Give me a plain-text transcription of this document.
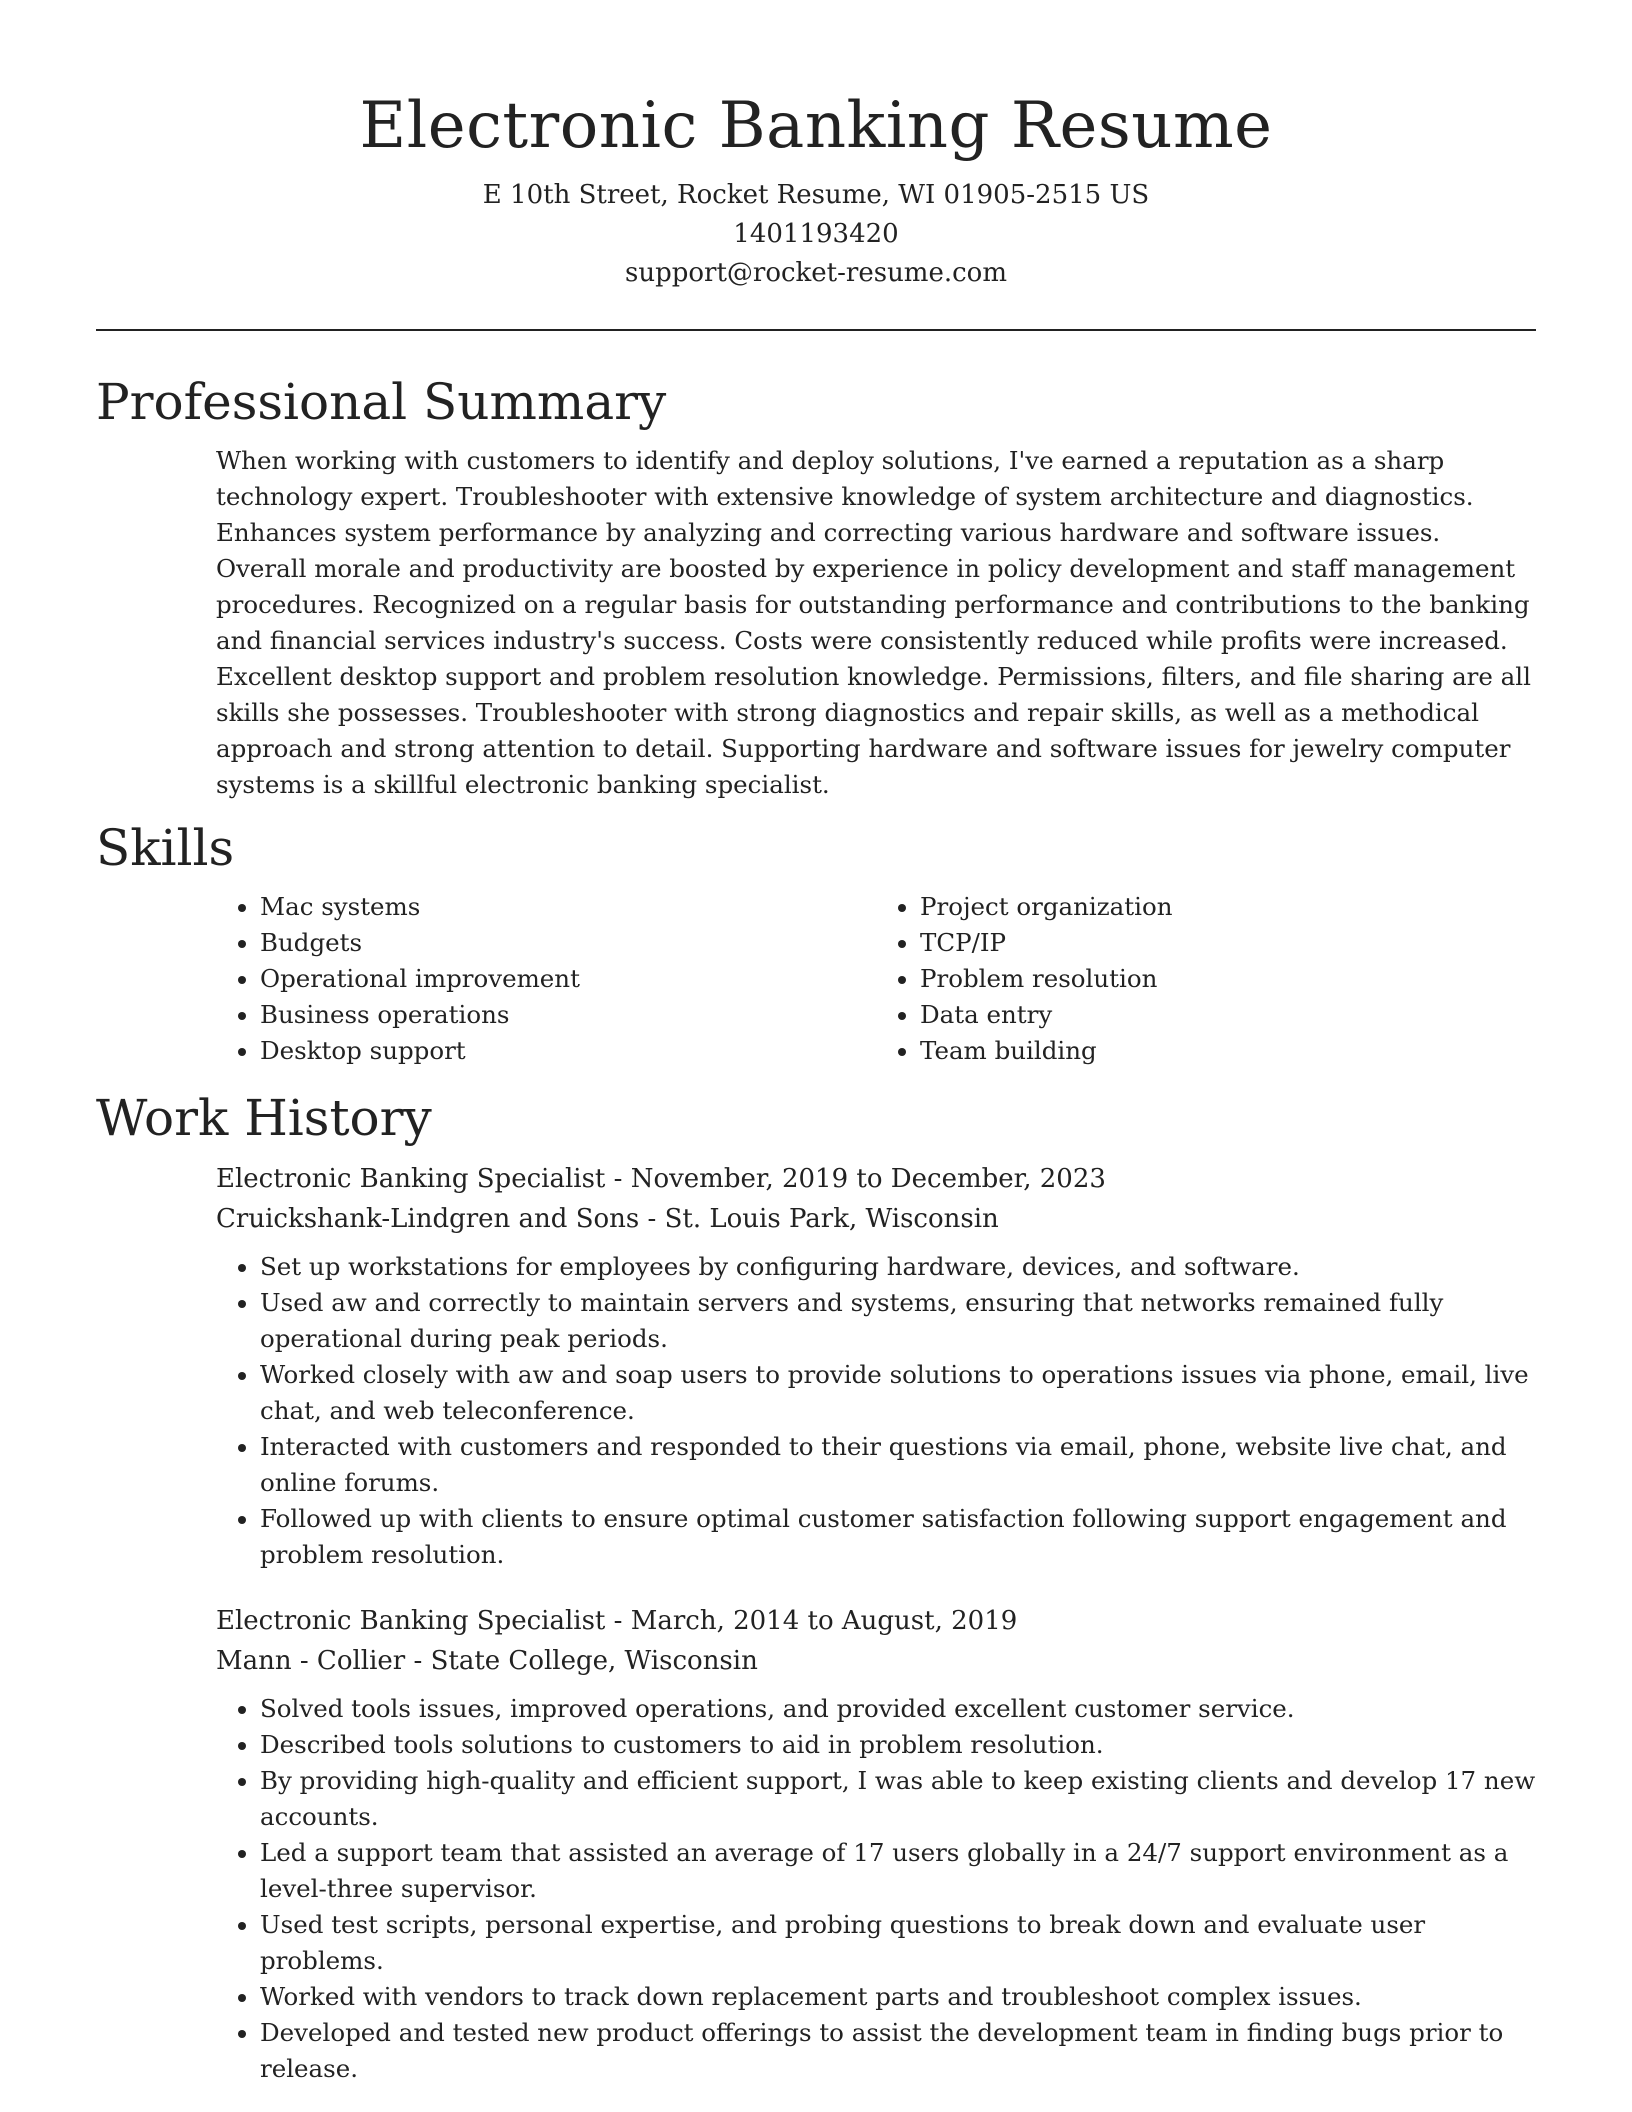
Electronic Banking Resume

E 10th Street, Rocket Resume, WI 01905-2515 US

1401193420

support@rocket-resume.com

Professional Summary

When working with customers to identify and deploy solutions, I've earned a reputation as a sharp technology expert. Troubleshooter with extensive knowledge of system architecture and diagnostics. Enhances system performance by analyzing and correcting various hardware and software issues. Overall morale and productivity are boosted by experience in policy development and staff management procedures. Recognized on a regular basis for outstanding performance and contributions to the banking and financial services industry's success. Costs were consistently reduced while profits were increased. Excellent desktop support and problem resolution knowledge. Permissions, filters, and file sharing are all skills she possesses. Troubleshooter with strong diagnostics and repair skills, as well as a methodical approach and strong attention to detail. Supporting hardware and software issues for jewelry computer systems is a skillful electronic banking specialist.

Skills
• Mac systems
• Budgets
• Operational improvement
• Business operations
• Desktop support
• Project organization
• TCP/IP
• Problem resolution
• Data entry
• Team building
Work History

Electronic Banking Specialist - November, 2019 to December, 2023

Cruickshank-Lindgren and Sons - St. Louis Park, Wisconsin

• Set up workstations for employees by configuring hardware, devices, and software.
• Used aw and correctly to maintain servers and systems, ensuring that networks remained fully operational during peak periods.
• Worked closely with aw and soap users to provide solutions to operations issues via phone, email, live chat, and web teleconference.
• Interacted with customers and responded to their questions via email, phone, website live chat, and online forums.
• Followed up with clients to ensure optimal customer satisfaction following support engagement and problem resolution.

Electronic Banking Specialist - March, 2014 to August, 2019

Mann - Collier - State College, Wisconsin

• Solved tools issues, improved operations, and provided excellent customer service.
• Described tools solutions to customers to aid in problem resolution.
• By providing high-quality and efficient support, I was able to keep existing clients and develop 17 new accounts.
• Led a support team that assisted an average of 17 users globally in a 24/7 support environment as a level-three supervisor.
• Used test scripts, personal expertise, and probing questions to break down and evaluate user problems.
• Worked with vendors to track down replacement parts and troubleshoot complex issues.
• Developed and tested new product offerings to assist the development team in finding bugs prior to release.
